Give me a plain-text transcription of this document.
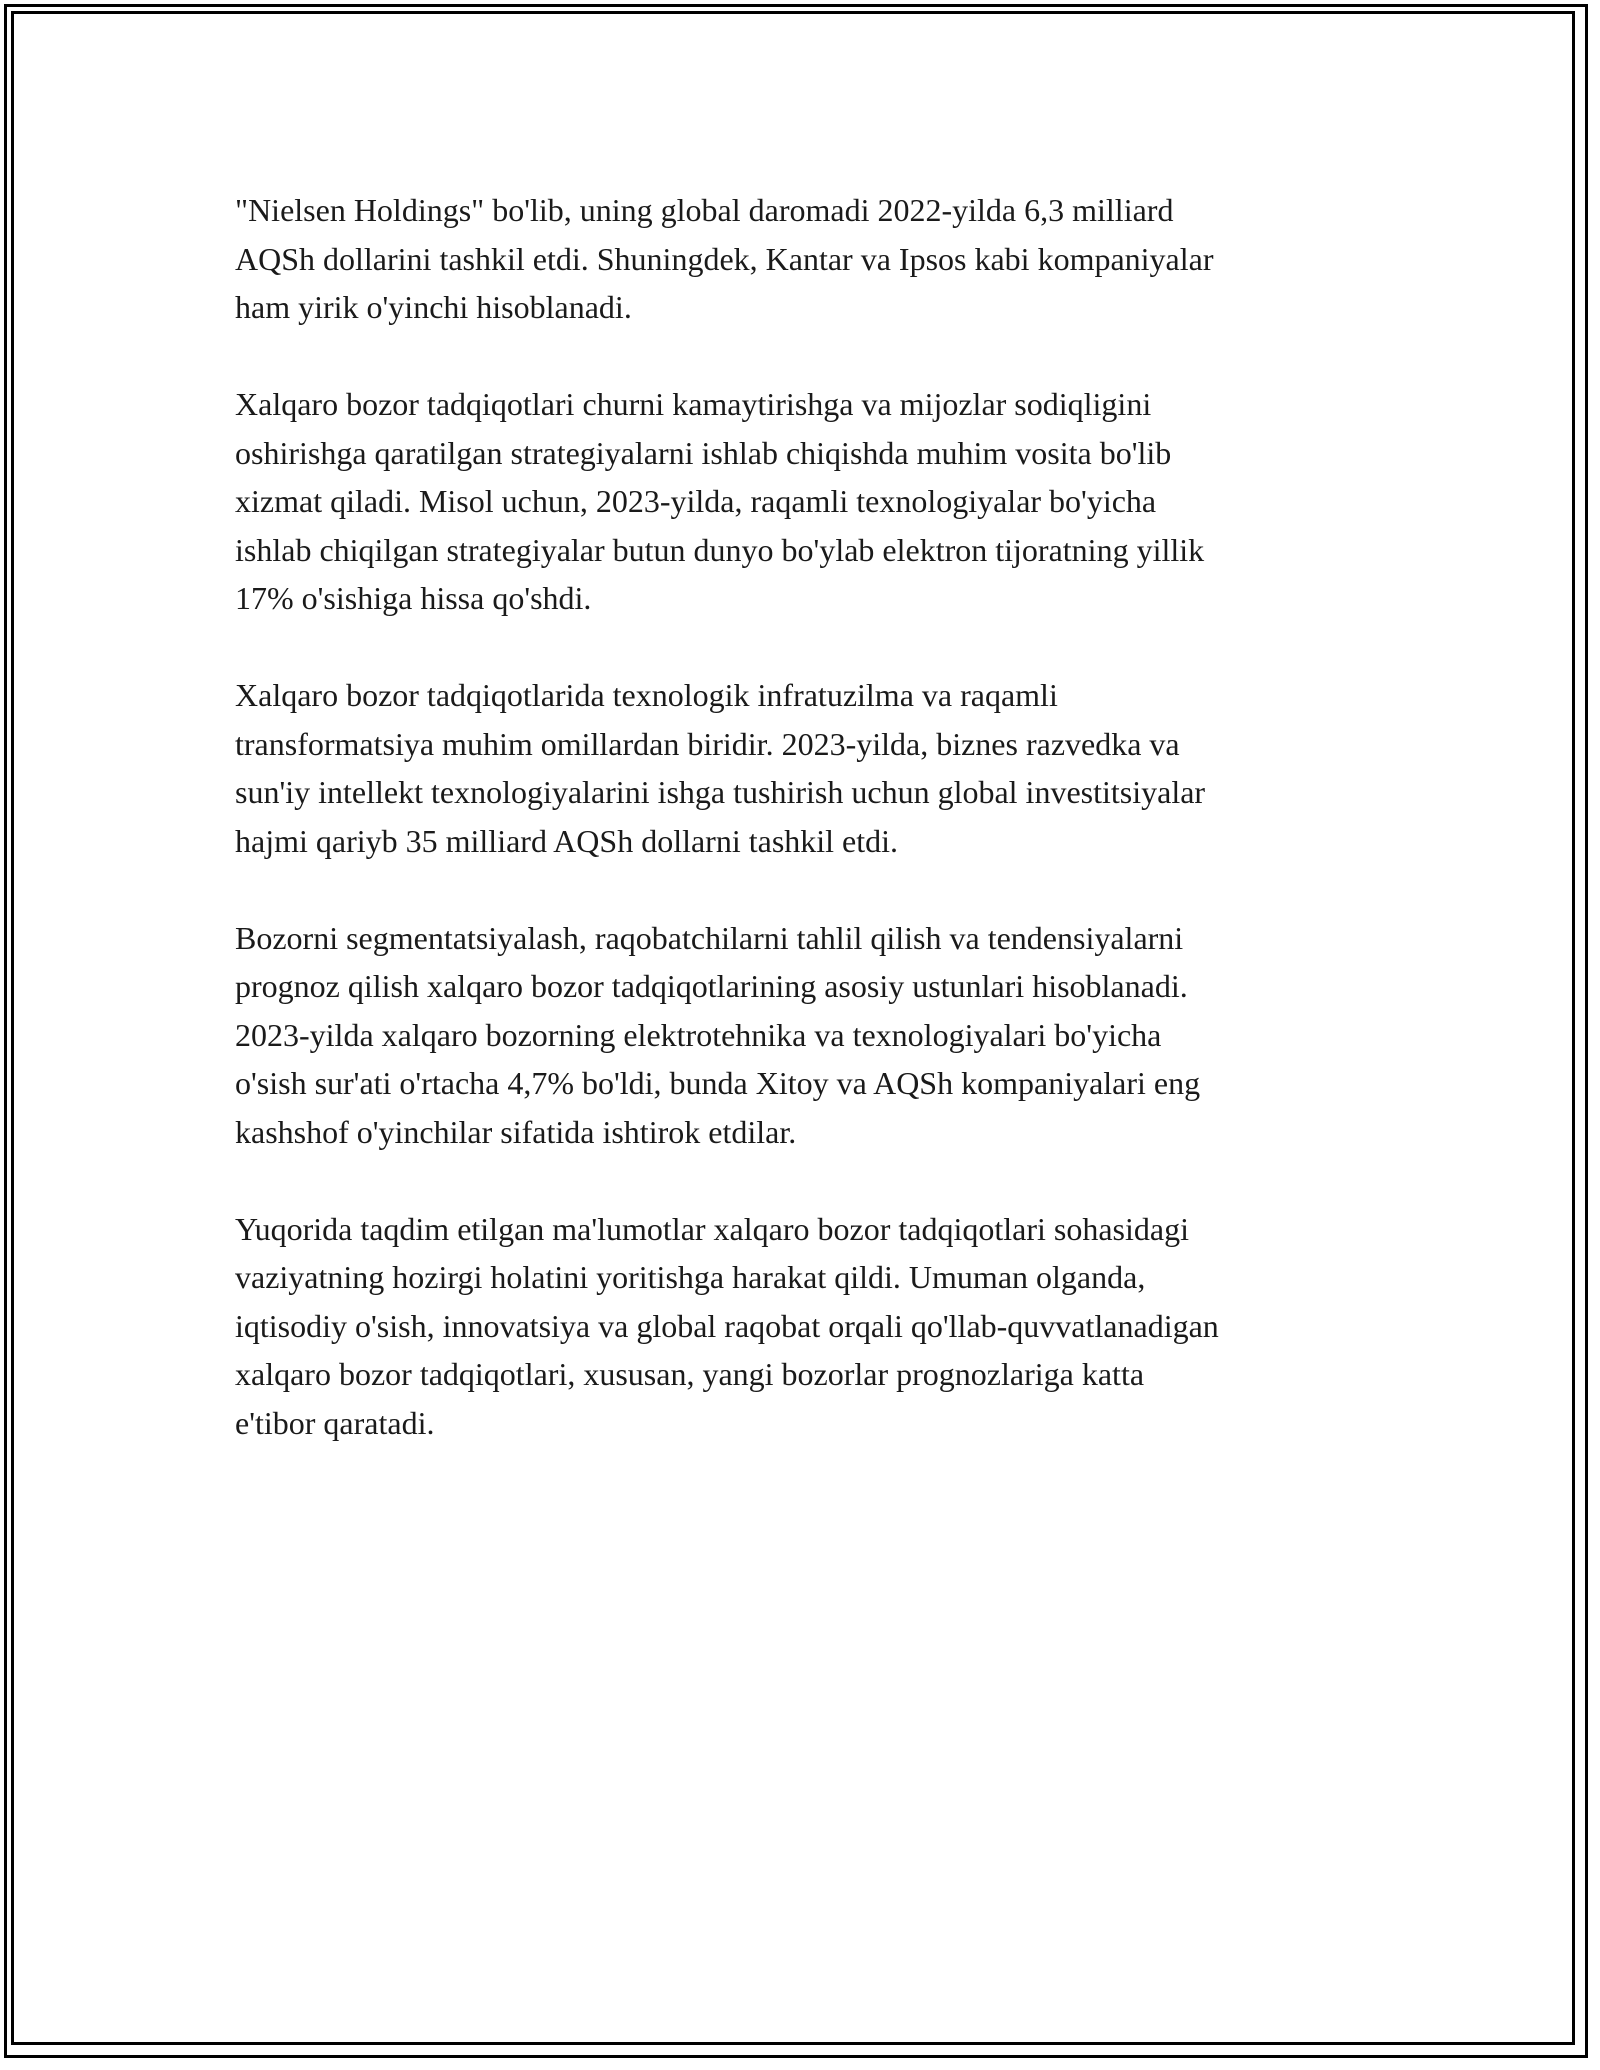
"Nielsen Holdings" bo'lib, uning global daromadi 2022-yilda 6,3 milliard
AQSh dollarini tashkil etdi. Shuningdek, Kantar va Ipsos kabi kompaniyalar
ham yirik o'yinchi hisoblanadi.

Xalqaro bozor tadqiqotlari churni kamaytirishga va mijozlar sodiqligini
oshirishga qaratilgan strategiyalarni ishlab chiqishda muhim vosita bo'lib
xizmat qiladi. Misol uchun, 2023-yilda, raqamli texnologiyalar bo'yicha
ishlab chiqilgan strategiyalar butun dunyo bo'ylab elektron tijoratning yillik
17% o'sishiga hissa qo'shdi.

Xalqaro bozor tadqiqotlarida texnologik infratuzilma va raqamli
transformatsiya muhim omillardan biridir. 2023-yilda, biznes razvedka va
sun'iy intellekt texnologiyalarini ishga tushirish uchun global investitsiyalar
hajmi qariyb 35 milliard AQSh dollarni tashkil etdi.

Bozorni segmentatsiyalash, raqobatchilarni tahlil qilish va tendensiyalarni
prognoz qilish xalqaro bozor tadqiqotlarining asosiy ustunlari hisoblanadi.
2023-yilda xalqaro bozorning elektrotehnika va texnologiyalari bo'yicha
o'sish sur'ati o'rtacha 4,7% bo'ldi, bunda Xitoy va AQSh kompaniyalari eng
kashshof o'yinchilar sifatida ishtirok etdilar.

Yuqorida taqdim etilgan ma'lumotlar xalqaro bozor tadqiqotlari sohasidagi
vaziyatning hozirgi holatini yoritishga harakat qildi. Umuman olganda,
iqtisodiy o'sish, innovatsiya va global raqobat orqali qo'llab-quvvatlanadigan
xalqaro bozor tadqiqotlari, xususan, yangi bozorlar prognozlariga katta
e'tibor qaratadi.
